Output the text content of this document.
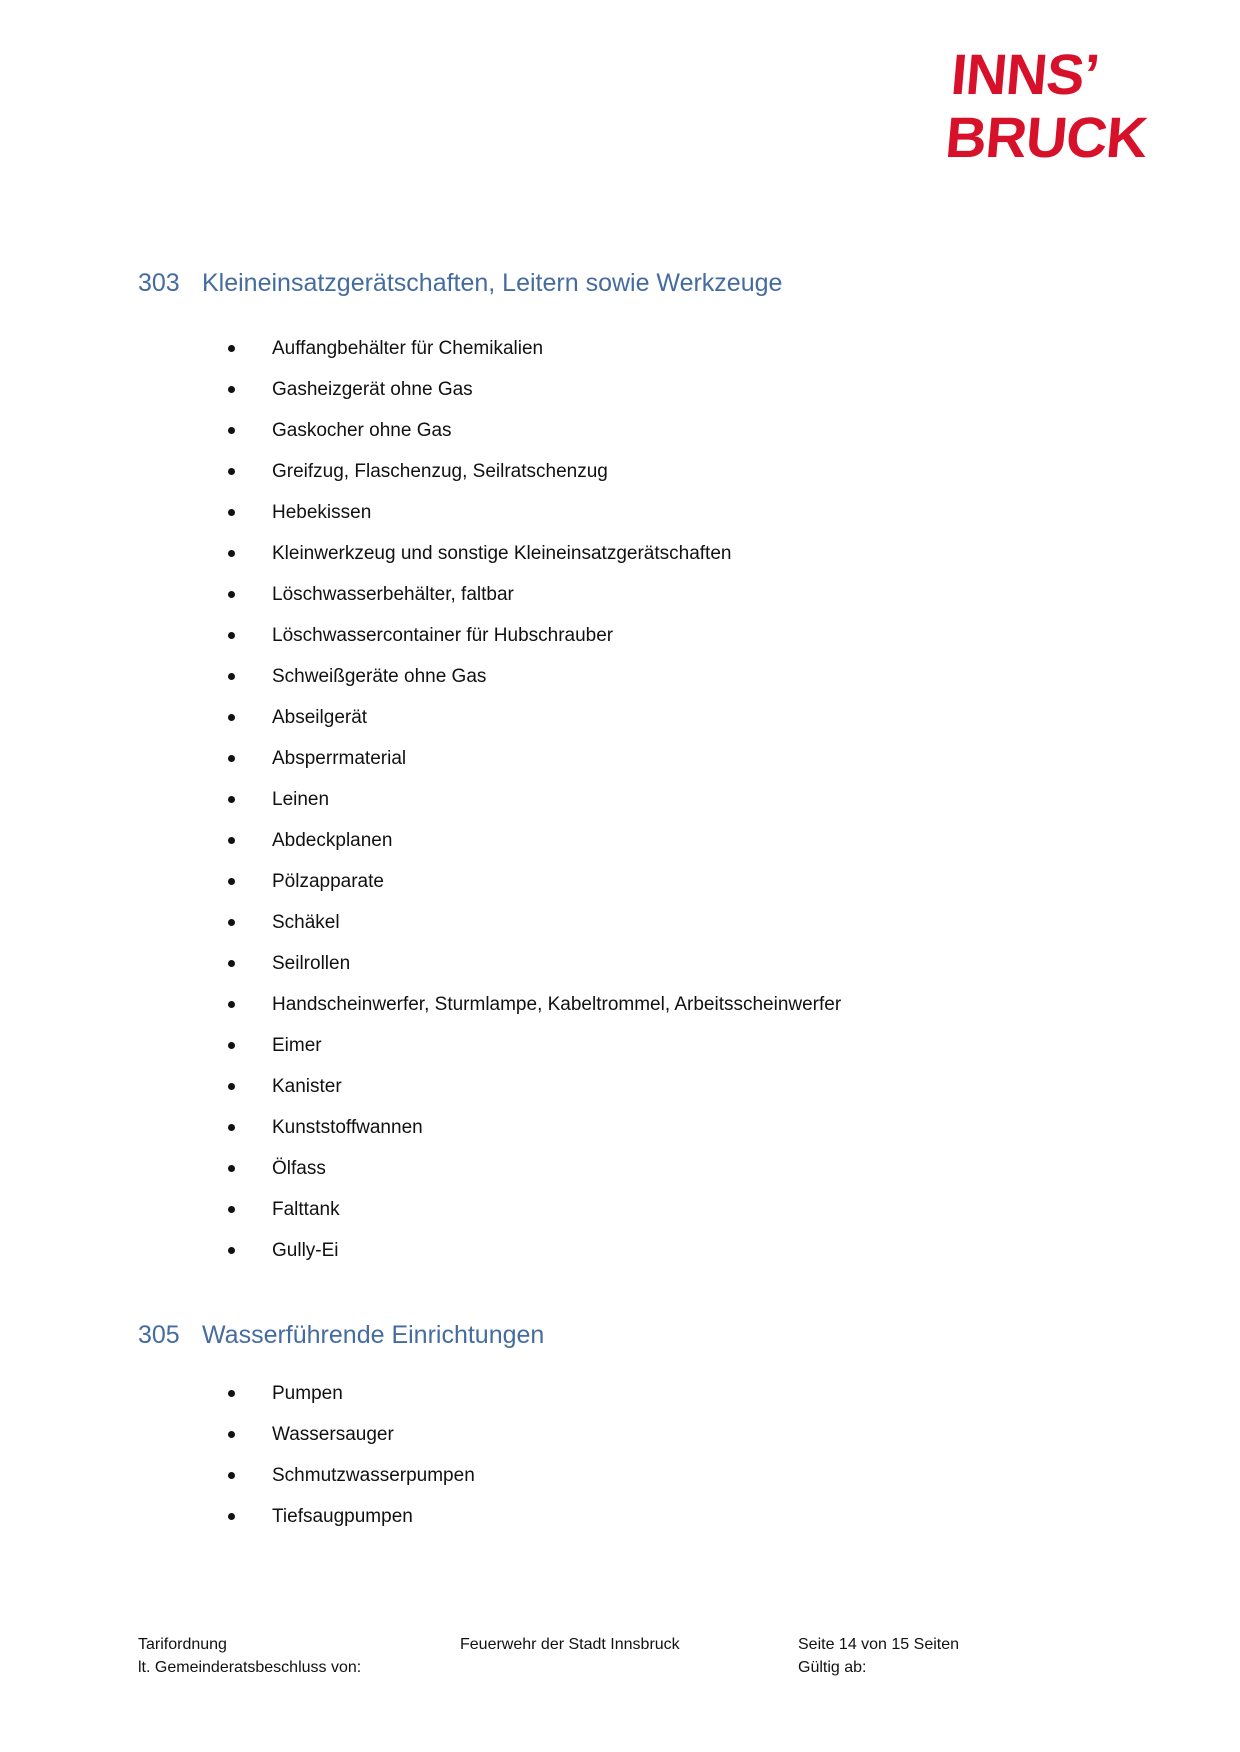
INNS’
BRUCK
303 Kleineinsatzgerätschaften, Leitern sowie Werkzeuge
Auffangbehälter für Chemikalien
Gasheizgerät ohne Gas
Gaskocher ohne Gas
Greifzug, Flaschenzug, Seilratschenzug
Hebekissen
Kleinwerkzeug und sonstige Kleineinsatzgerätschaften
Löschwasserbehälter, faltbar
Löschwassercontainer für Hubschrauber
Schweißgeräte ohne Gas
Abseilgerät
Absperrmaterial
Leinen
Abdeckplanen
Pölzapparate
Schäkel
Seilrollen
Handscheinwerfer, Sturmlampe, Kabeltrommel, Arbeitsscheinwerfer
Eimer
Kanister
Kunststoffwannen
Ölfass
Falttank
Gully-Ei
305 Wasserführende Einrichtungen
Pumpen
Wassersauger
Schmutzwasserpumpen
Tiefsaugpumpen
Tarifordnung
lt. Gemeinderatsbeschluss von:
Feuerwehr der Stadt Innsbruck	Seite 14 von 15 Seiten
Gültig ab:
